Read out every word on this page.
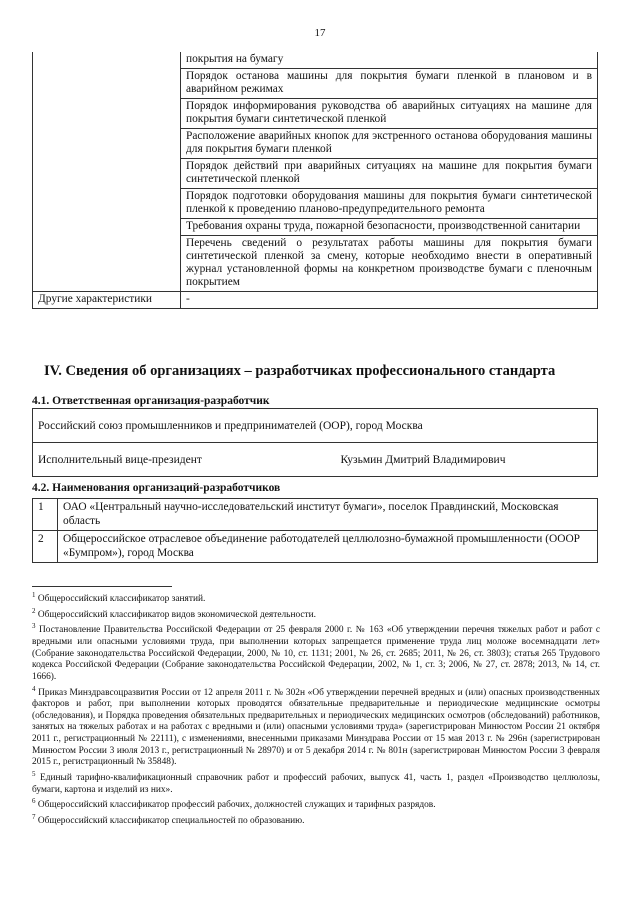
17
	покрытия на бумагу
	Порядок останова машины для покрытия бумаги пленкой в плановом и в аварийном режимах
	Порядок информирования руководства об аварийных ситуациях на машине для покрытия бумаги синтетической пленкой
	Расположение аварийных кнопок для экстренного останова оборудования машины для покрытия бумаги пленкой
	Порядок действий при аварийных ситуациях на машине для покрытия бумаги синтетической пленкой
	Порядок подготовки оборудования машины для покрытия бумаги синтетической пленкой к проведению планово-предупредительного ремонта
	Требования охраны труда, пожарной безопасности, производственной санитарии
	Перечень сведений о результатах работы машины для покрытия бумаги синтетической пленкой за смену, которые необходимо внести в оперативный журнал установленной формы на конкретном производстве бумаги с пленочным покрытием
Другие характеристики	-
IV. Сведения об организациях – разработчиках профессионального стандарта

4.1. Ответственная организация-разработчик

Российский союз промышленников и предпринимателей (ООР), город Москва
Исполнительный вице-президент	Кузьмин Дмитрий Владимирович

4.2. Наименования организаций-разработчиков

1	ОАО «Центральный научно-исследовательский институт бумаги», поселок Правдинский, Московская область
2	Общероссийское отраслевое объединение работодателей целлюлозно-бумажной промышленности (ОООР «Бумпром»), город Москва

$^1$ Общероссийский классификатор занятий.

$^2$ Общероссийский классификатор видов экономической деятельности.

$^3$ Постановление Правительства Российской Федерации от 25 февраля 2000 г. № 163 «Об утверждении перечня тяжелых работ и работ с вредными или опасными условиями труда, при выполнении которых запрещается применение труда лиц моложе восемнадцати лет» (Собрание законодательства Российской Федерации, 2000, № 10, ст. 1131; 2001, № 26, ст. 2685; 2011, № 26, ст. 3803); статья 265 Трудового кодекса Российской Федерации (Собрание законодательства Российской Федерации, 2002, № 1, ст. 3; 2006, № 27, ст. 2878; 2013, № 14, ст. 1666).

$^4$ Приказ Минздравсоцразвития России от 12 апреля 2011 г. № 302н «Об утверждении перечней вредных и (или) опасных производственных факторов и работ, при выполнении которых проводятся обязательные предварительные и периодические медицинские осмотры (обследования), и Порядка проведения обязательных предварительных и периодических медицинских осмотров (обследований) работников, занятых на тяжелых работах и на работах с вредными и (или) опасными условиями труда» (зарегистрирован Минюстом России 21 октября 2011 г., регистрационный № 22111), с изменениями, внесенными приказами Минздрава России от 15 мая 2013 г. № 296н (зарегистрирован Минюстом России 3 июля 2013 г., регистрационный № 28970) и от 5 декабря 2014 г. № 801н (зарегистрирован Минюстом России 3 февраля 2015 г., регистрационный № 35848).

$^5$ Единый тарифно-квалификационный справочник работ и профессий рабочих, выпуск 41, часть 1, раздел «Производство целлюлозы, бумаги, картона и изделий из них».

$^6$ Общероссийский классификатор профессий рабочих, должностей служащих и тарифных разрядов.

$^7$ Общероссийский классификатор специальностей по образованию.
